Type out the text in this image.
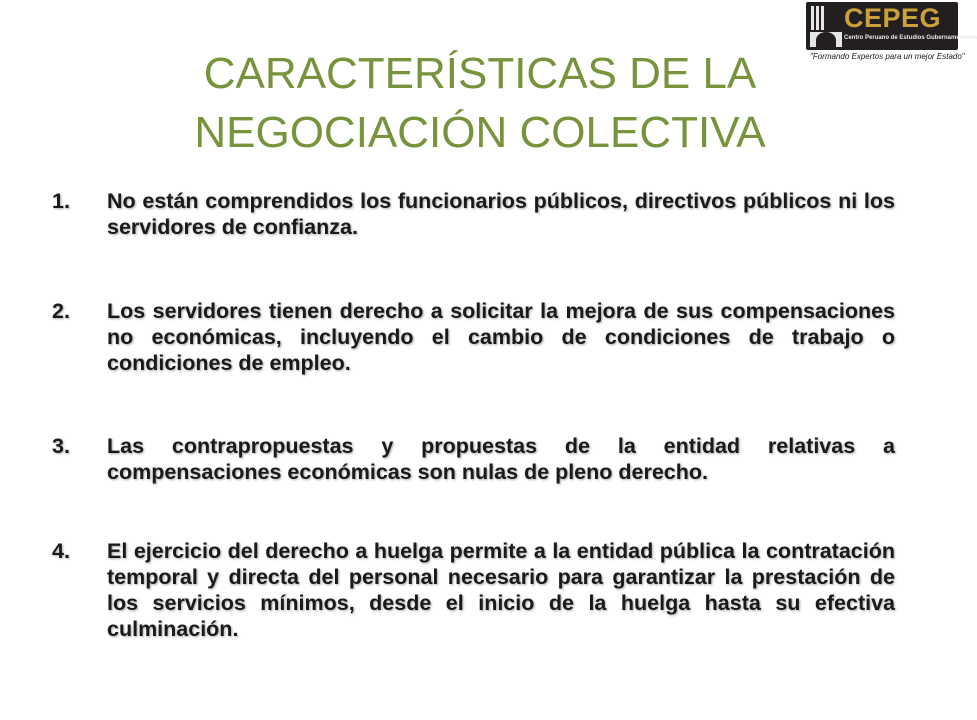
CEPEG
Centro Peruano de Estudios Gubernamentales
"Formando Expertos para un mejor Estado"
CARACTERÍSTICAS DE LA
NEGOCIACIÓN COLECTIVA
1.	No están comprendidos los funcionarios públicos, directivos públicos ni los servidores de confianza.
2.	Los servidores tienen derecho a solicitar la mejora de sus compensaciones no económicas, incluyendo el cambio de condiciones de trabajo o condiciones de empleo.
3.	Las contrapropuestas y propuestas de la entidad relativas a compensaciones económicas son nulas de pleno derecho.
4.	El ejercicio del derecho a huelga permite a la entidad pública la contratación temporal y directa del personal necesario para garantizar la prestación de los servicios mínimos, desde el inicio de la huelga hasta su efectiva culminación.
